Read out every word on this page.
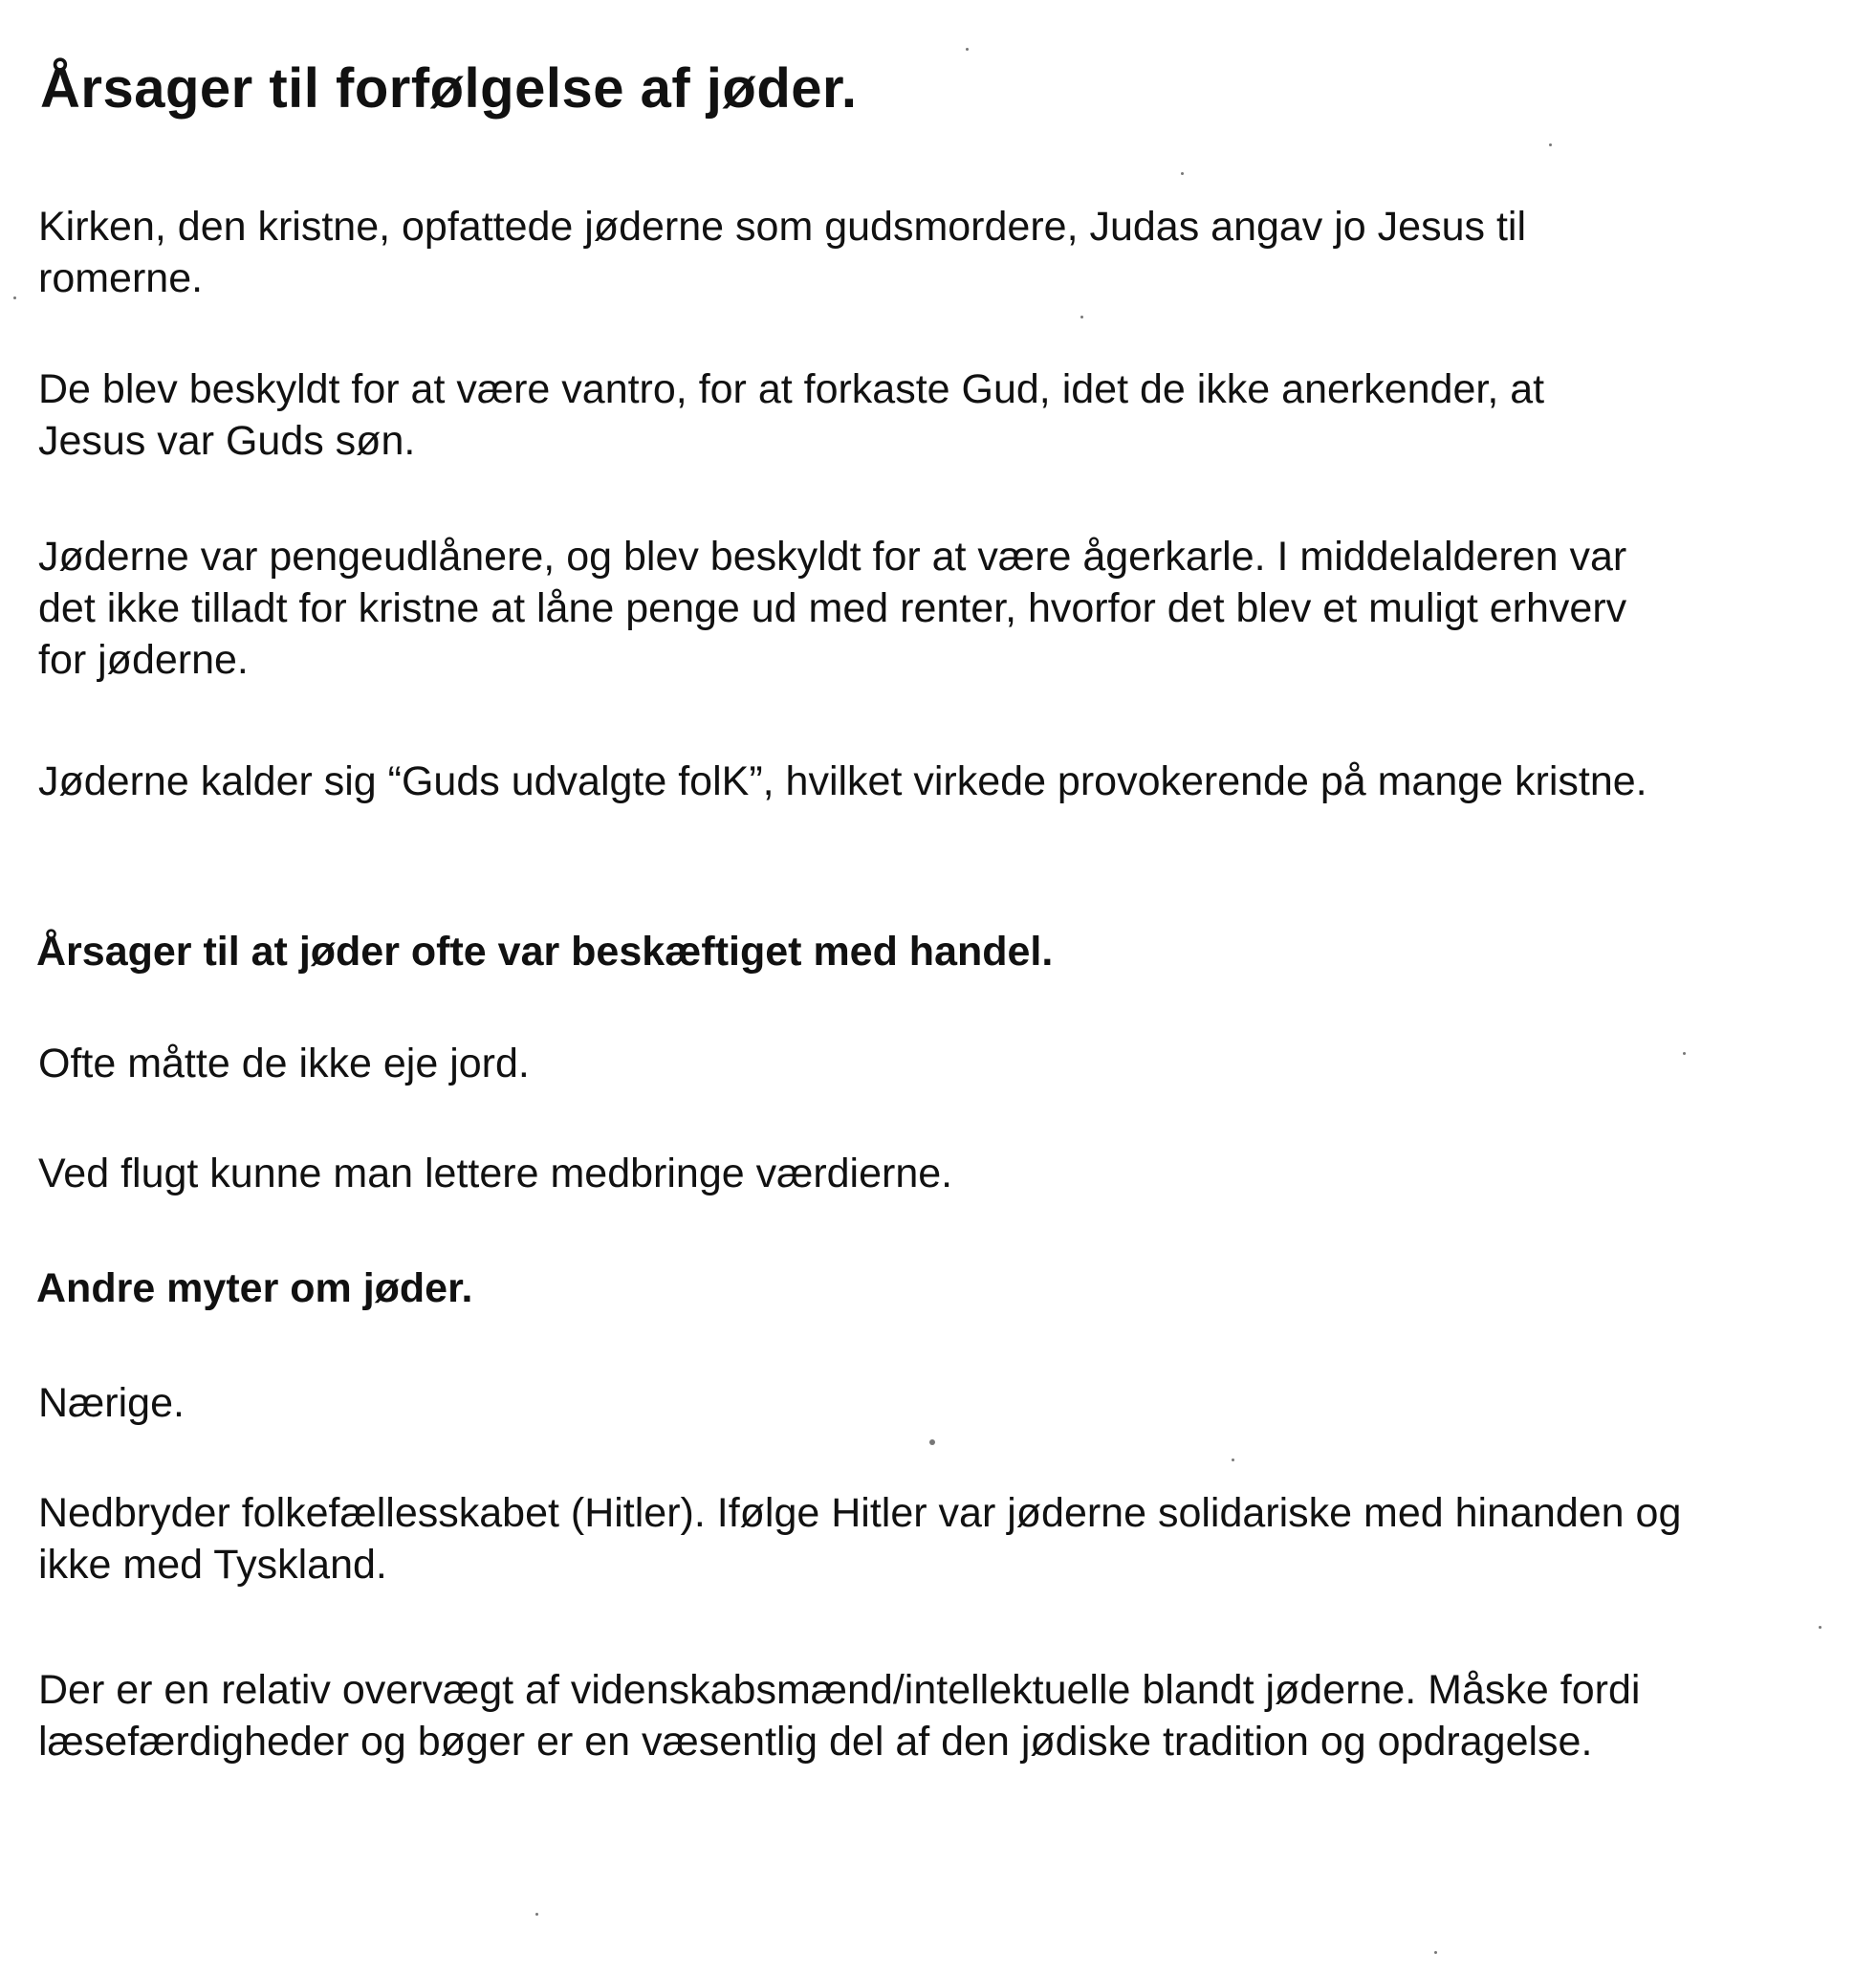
Årsager til forfølgelse af jøder.

Kirken, den kristne, opfattede jøderne som gudsmordere, Judas angav jo Jesus til romerne.

De blev beskyldt for at være vantro, for at forkaste Gud, idet de ikke anerkender, at Jesus var Guds søn.

Jøderne var pengeudlånere, og blev beskyldt for at være ågerkarle. I middelalderen var det ikke tilladt for kristne at låne penge ud med renter, hvorfor det blev et muligt erhverv for jøderne.

Jøderne kalder sig “Guds udvalgte folK”, hvilket virkede provokerende på mange kristne.

Årsager til at jøder ofte var beskæftiget med handel.

Ofte måtte de ikke eje jord.

Ved flugt kunne man lettere medbringe værdierne.

Andre myter om jøder.

Nærige.

Nedbryder folkefællesskabet (Hitler). Ifølge Hitler var jøderne solidariske med hinanden og ikke med Tyskland.

Der er en relativ overvægt af videnskabsmænd/intellektuelle blandt jøderne. Måske fordi læsefærdigheder og bøger er en væsentlig del af den jødiske tradition og opdragelse.
